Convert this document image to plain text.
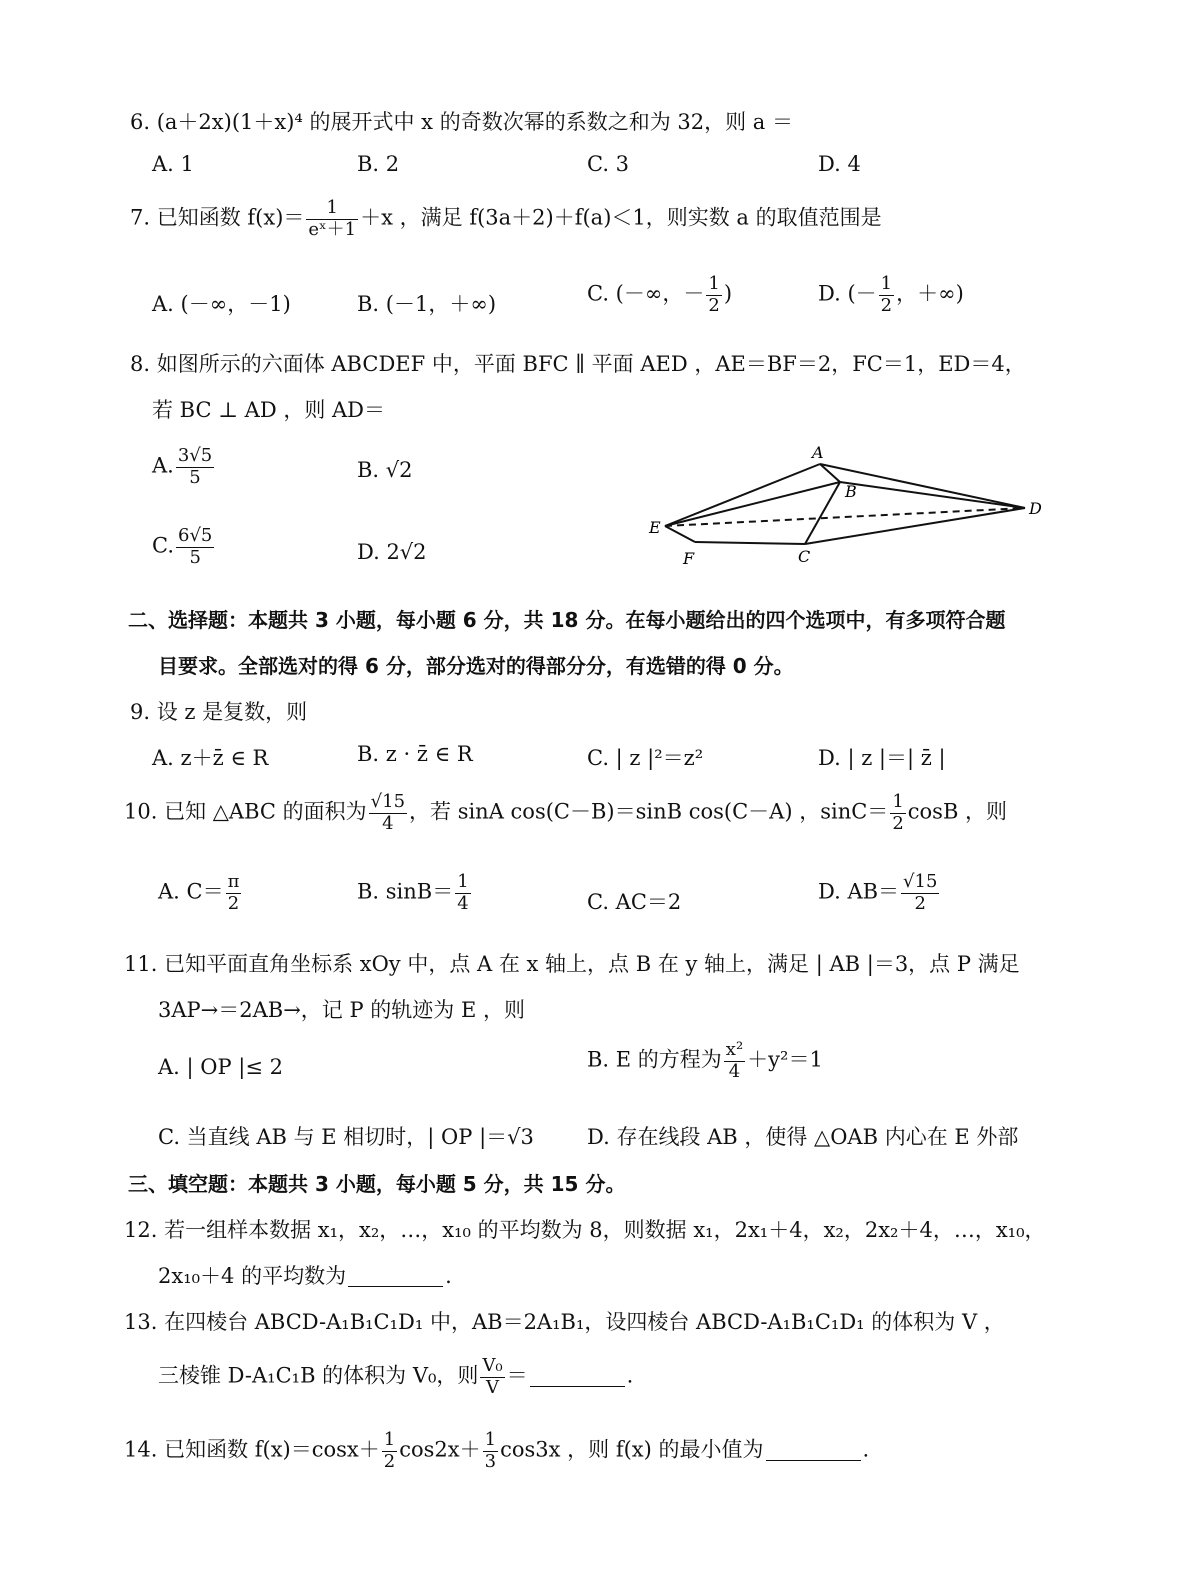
6. (a＋2x)(1＋x)⁴ 的展开式中 x 的奇数次幂的系数之和为 32，则 a ＝
A. 1	B. 2	C. 3	D. 4
7. 已知函数 $f(x)= \frac{1}{\text{eˣ＋1}} +x$ ，满足 f(3a＋2)＋f(a)＜1，则实数 a 的取值范围是
A. (－∞，－1)	B. (－1，＋∞)	C. (－∞，－ $\frac{1}{2}$ )	D. (－ $\frac{1}{2}$ ，＋∞)
8. 如图所示的六面体 ABCDEF 中，平面 BFC ∥ 平面 AED ，AE＝BF＝2，FC＝1，ED＝4，
若 BC ⊥ AD ，则 AD＝
A. $\frac{3√5}{5}$	B. √2
C. $\frac{6√5}{5}$	D. 2√2
A
B
D
E
F	C
二、选择题：本题共 3 小题，每小题 6 分，共 18 分。在每小题给出的四个选项中，有多项符合题
目要求。全部选对的得 6 分，部分选对的得部分分，有选错的得 0 分。
9. 设 z 是复数，则
A. z＋z̄ ∈ R	B. z · z̄ ∈ R	C. | z |²＝z²	D. | z |＝| z̄ |
10. 已知 △ABC 的面积为 $\frac{√15}{4}$ ，若 sinA cos(C－B)＝sinB cos(C－A) ，$\sin C= \frac{1}{2}$ cosB ，则
A. $C= \frac{\pi}{2}$	B. $\sin B= \frac{1}{4}$	C. AC＝2	D. $AB= \frac{√15}{2}$
11. 已知平面直角坐标系 xOy 中，点 A 在 x 轴上，点 B 在 y 轴上，满足 | AB |＝3，点 P 满足
3AP→＝2AB→，记 P 的轨迹为 E ，则
A. | OP |≤ 2	B. E 的方程为 $\frac{\text{x²}}{4} +y^2=1$
C. 当直线 AB 与 E 相切时，| OP |＝√3	D. 存在线段 AB ，使得 △OAB 内心在 E 外部
三、填空题：本题共 3 小题，每小题 5 分，共 15 分。
12. 若一组样本数据 x₁，x₂，…，x₁₀ 的平均数为 8，则数据 x₁，2x₁＋4，x₂，2x₂＋4，…，x₁₀，
2x₁₀＋4 的平均数为	.
13. 在四棱台 ABCD-A₁B₁C₁D₁ 中，AB＝2A₁B₁，设四棱台 ABCD-A₁B₁C₁D₁ 的体积为 V ，
三棱锥 D-A₁C₁B 的体积为 V₀，则 $\frac{\text{V₀}}{V}$ ＝	.
14. 已知函数 $f(x)=\cos x+ \frac{1}{2} \cos 2x+ \frac{1}{3} \cos 3x$ ，则 f(x) 的最小值为	.
